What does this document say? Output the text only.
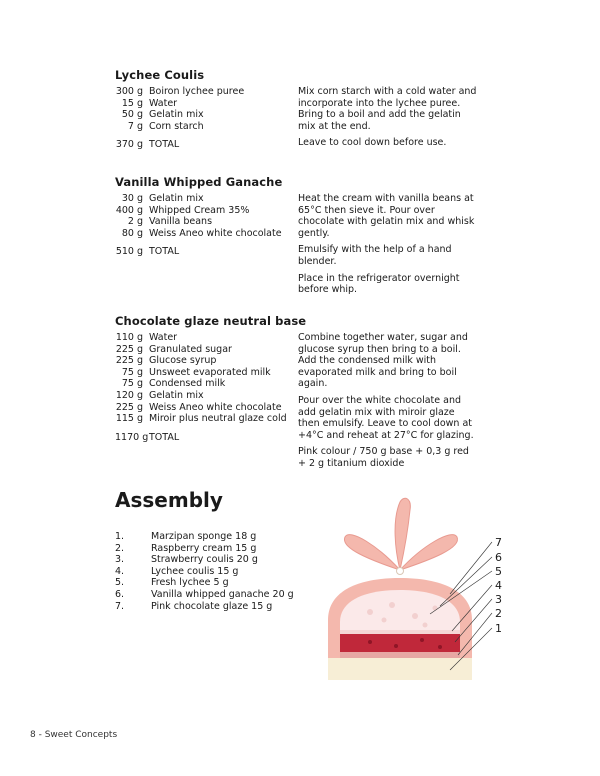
Lychee Coulis
300 g Boiron lychee puree
15 g Water
50 g Gelatin mix
7 g Corn starch
370 g TOTAL

Mix corn starch with a cold water and incorporate into the lychee puree. Bring to a boil and add the gelatin mix at the end.

Leave to cool down before use.

Vanilla Whipped Ganache
30 g Gelatin mix
400 g Whipped Cream 35%
2 g Vanilla beans
80 g Weiss Aneo white chocolate
510 g TOTAL

Heat the cream with vanilla beans at 65°C then sieve it. Pour over chocolate with gelatin mix and whisk gently.

Emulsify with the help of a hand blender.

Place in the refrigerator overnight before whip.

Chocolate glaze neutral base
110 g Water
225 g Granulated sugar
225 g Glucose syrup
75 g Unsweet evaporated milk
75 g Condensed milk
120 g Gelatin mix
225 g Weiss Aneo white chocolate
115 g Miroir plus neutral glaze cold
1170 g TOTAL

Combine together water, sugar and glucose syrup then bring to a boil. Add the condensed milk with evaporated milk and bring to boil again.

Pour over the white chocolate and add gelatin mix with miroir glaze then emulsify. Leave to cool down at +4°C and reheat at 27°C for glazing.

Pink colour / 750 g base + 0,3 g red + 2 g titanium dioxide

Assembly
1.	Marzipan sponge 18 g
2.	Raspberry cream 15 g
3.	Strawberry coulis 20 g
4.	Lychee coulis 15 g
5.	Fresh lychee 5 g
6.	Vanilla whipped ganache 20 g
7.	Pink chocolate glaze 15 g
7
6
5
4
3
2
1
8 - Sweet Concepts
